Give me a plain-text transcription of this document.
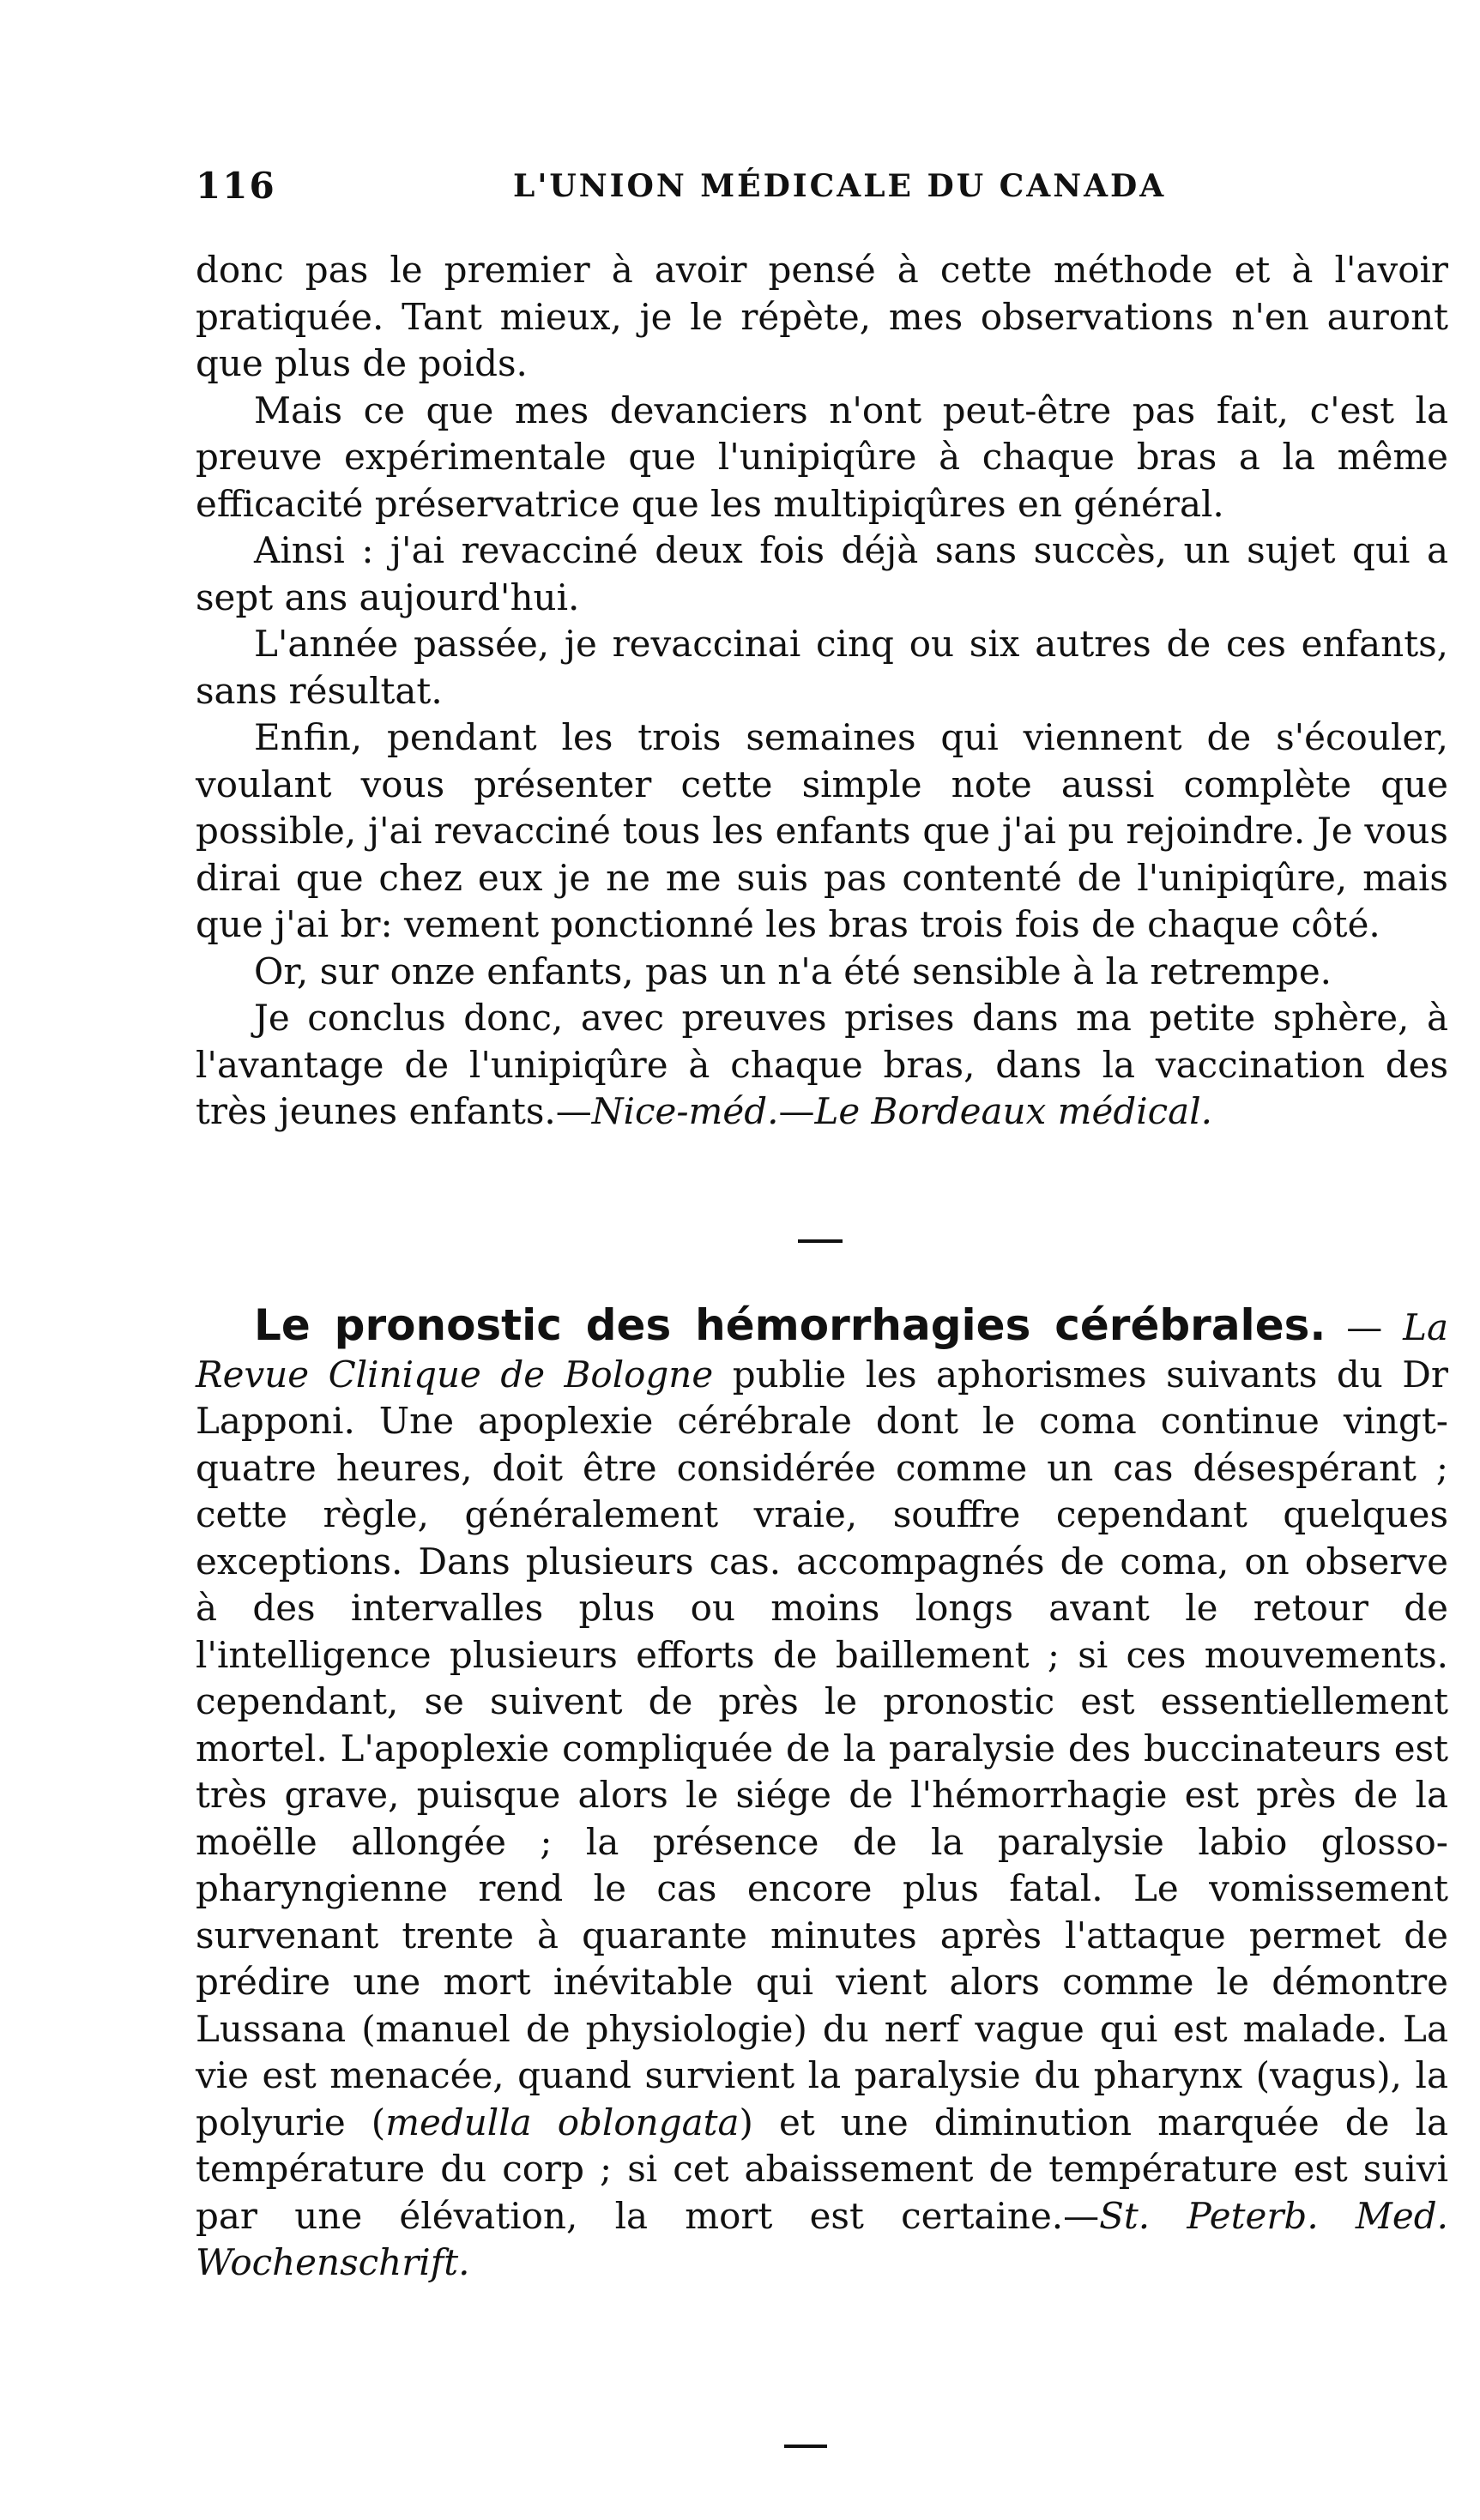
116	L'UNION MÉDICALE DU CANADA

donc pas le premier à avoir pensé à cette méthode et à l'avoir pratiquée. Tant mieux, je le répète, mes observations n'en auront que plus de poids.

Mais ce que mes devanciers n'ont peut-être pas fait, c'est la preuve expérimentale que l'unipiqûre à chaque bras a la même efficacité préservatrice que les multipiqûres en général.

Ainsi : j'ai revacciné deux fois déjà sans succès, un sujet qui a sept ans aujourd'hui.

L'année passée, je revaccinai cinq ou six autres de ces enfants, sans résultat.

Enfin, pendant les trois semaines qui viennent de s'écouler, voulant vous présenter cette simple note aussi complète que possible, j'ai revacciné tous les enfants que j'ai pu rejoindre. Je vous dirai que chez eux je ne me suis pas contenté de l'unipiqûre, mais que j'ai br: vement ponctionné les bras trois fois de chaque côté.

Or, sur onze enfants, pas un n'a été sensible à la retrempe.

Je conclus donc, avec preuves prises dans ma petite sphère, à l'avantage de l'unipiqûre à chaque bras, dans la vaccination des très jeunes enfants.—Nice-méd.—Le Bordeaux médical.

Le pronostic des hémorrhagies cérébrales. — La Revue Clinique de Bologne publie les aphorismes suivants du Dr Lapponi. Une apoplexie cérébrale dont le coma continue vingt-quatre heures, doit être considérée comme un cas désespérant ; cette règle, généralement vraie, souffre cependant quelques exceptions. Dans plusieurs cas. accompagnés de coma, on observe à des intervalles plus ou moins longs avant le retour de l'intelligence plusieurs efforts de baillement ; si ces mouvements. cependant, se suivent de près le pronostic est essentiellement mortel. L'apoplexie compliquée de la paralysie des buccinateurs est très grave, puisque alors le siége de l'hémorrhagie est près de la moëlle allongée ; la présence de la paralysie labio glosso-pharyngienne rend le cas encore plus fatal. Le vomissement survenant trente à quarante minutes après l'attaque permet de prédire une mort inévitable qui vient alors comme le démontre Lussana (manuel de physiologie) du nerf vague qui est malade. La vie est menacée, quand survient la paralysie du pharynx (vagus), la polyurie (medulla oblongata) et une diminution marquée de la température du corp ; si cet abaissement de température est suivi par une élévation, la mort est certaine.—St. Peterb. Med. Wochenschrift.
